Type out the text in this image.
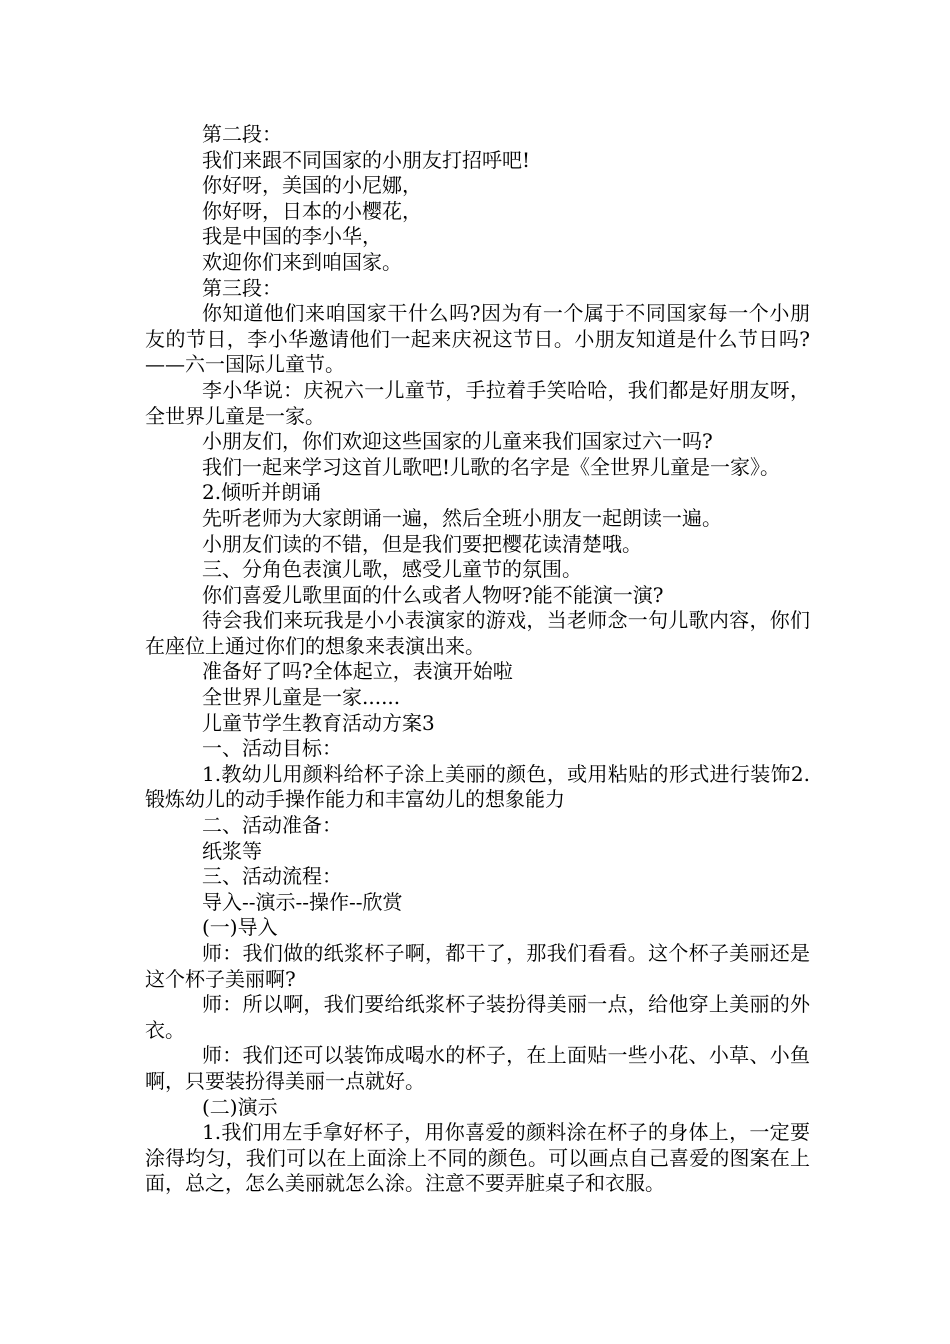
第二段：
我们来跟不同国家的小朋友打招呼吧!
你好呀，美国的小尼娜，
你好呀，日本的小樱花，
我是中国的李小华，
欢迎你们来到咱国家。
第三段：
你知道他们来咱国家干什么吗?因为有一个属于不同国家每一个小朋友的节日，李小华邀请他们一起来庆祝这节日。小朋友知道是什么节日吗?——六一国际儿童节。
李小华说：庆祝六一儿童节，手拉着手笑哈哈，我们都是好朋友呀，全世界儿童是一家。
小朋友们，你们欢迎这些国家的儿童来我们国家过六一吗?
我们一起来学习这首儿歌吧!儿歌的名字是《全世界儿童是一家》。
2.倾听并朗诵
先听老师为大家朗诵一遍，然后全班小朋友一起朗读一遍。
小朋友们读的不错，但是我们要把樱花读清楚哦。
三、分角色表演儿歌，感受儿童节的氛围。
你们喜爱儿歌里面的什么或者人物呀?能不能演一演?
待会我们来玩我是小小表演家的游戏，当老师念一句儿歌内容，你们在座位上通过你们的想象来表演出来。
准备好了吗?全体起立，表演开始啦
全世界儿童是一家......
儿童节学生教育活动方案3
一、活动目标：
1.教幼儿用颜料给杯子涂上美丽的颜色，或用粘贴的形式进行装饰2.锻炼幼儿的动手操作能力和丰富幼儿的想象能力
二、活动准备：
纸浆等
三、活动流程：
导入--演示--操作--欣赏
(一)导入
师：我们做的纸浆杯子啊，都干了，那我们看看。这个杯子美丽还是这个杯子美丽啊?
师：所以啊，我们要给纸浆杯子装扮得美丽一点，给他穿上美丽的外衣。
师：我们还可以装饰成喝水的杯子，在上面贴一些小花、小草、小鱼啊，只要装扮得美丽一点就好。
(二)演示
1.我们用左手拿好杯子，用你喜爱的颜料涂在杯子的身体上，一定要涂得均匀，我们可以在上面涂上不同的颜色。可以画点自己喜爱的图案在上面，总之，怎么美丽就怎么涂。注意不要弄脏桌子和衣服。
